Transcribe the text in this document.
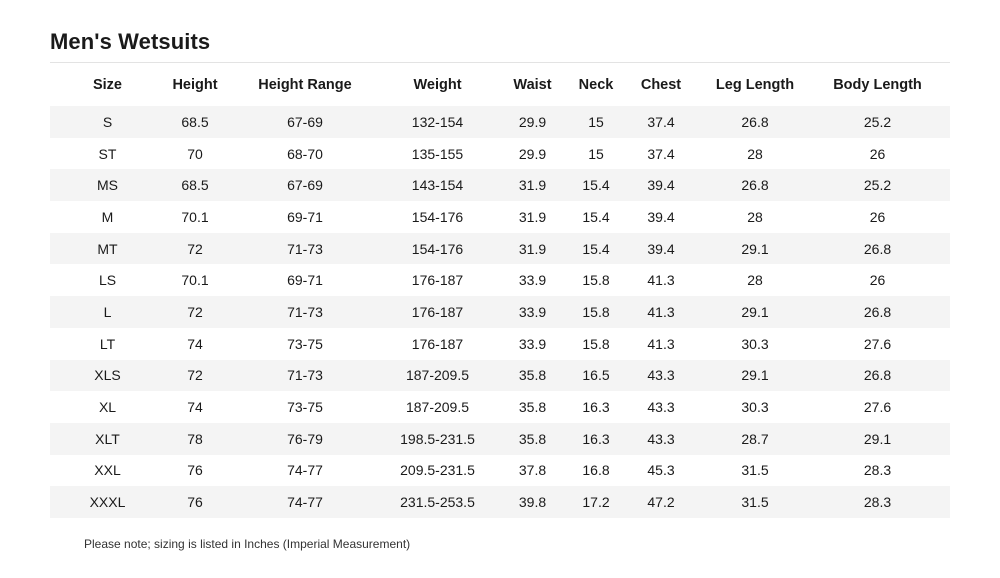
Men's Wetsuits
Size	Height	Height Range	Weight	Waist	Neck	Chest	Leg Length	Body Length
S	68.5	67-69	132-154	29.9	15	37.4	26.8	25.2
ST	70	68-70	135-155	29.9	15	37.4	28	26
MS	68.5	67-69	143-154	31.9	15.4	39.4	26.8	25.2
M	70.1	69-71	154-176	31.9	15.4	39.4	28	26
MT	72	71-73	154-176	31.9	15.4	39.4	29.1	26.8
LS	70.1	69-71	176-187	33.9	15.8	41.3	28	26
L	72	71-73	176-187	33.9	15.8	41.3	29.1	26.8
LT	74	73-75	176-187	33.9	15.8	41.3	30.3	27.6
XLS	72	71-73	187-209.5	35.8	16.5	43.3	29.1	26.8
XL	74	73-75	187-209.5	35.8	16.3	43.3	30.3	27.6
XLT	78	76-79	198.5-231.5	35.8	16.3	43.3	28.7	29.1
XXL	76	74-77	209.5-231.5	37.8	16.8	45.3	31.5	28.3
XXXL	76	74-77	231.5-253.5	39.8	17.2	47.2	31.5	28.3

Please note; sizing is listed in Inches (Imperial Measurement)
